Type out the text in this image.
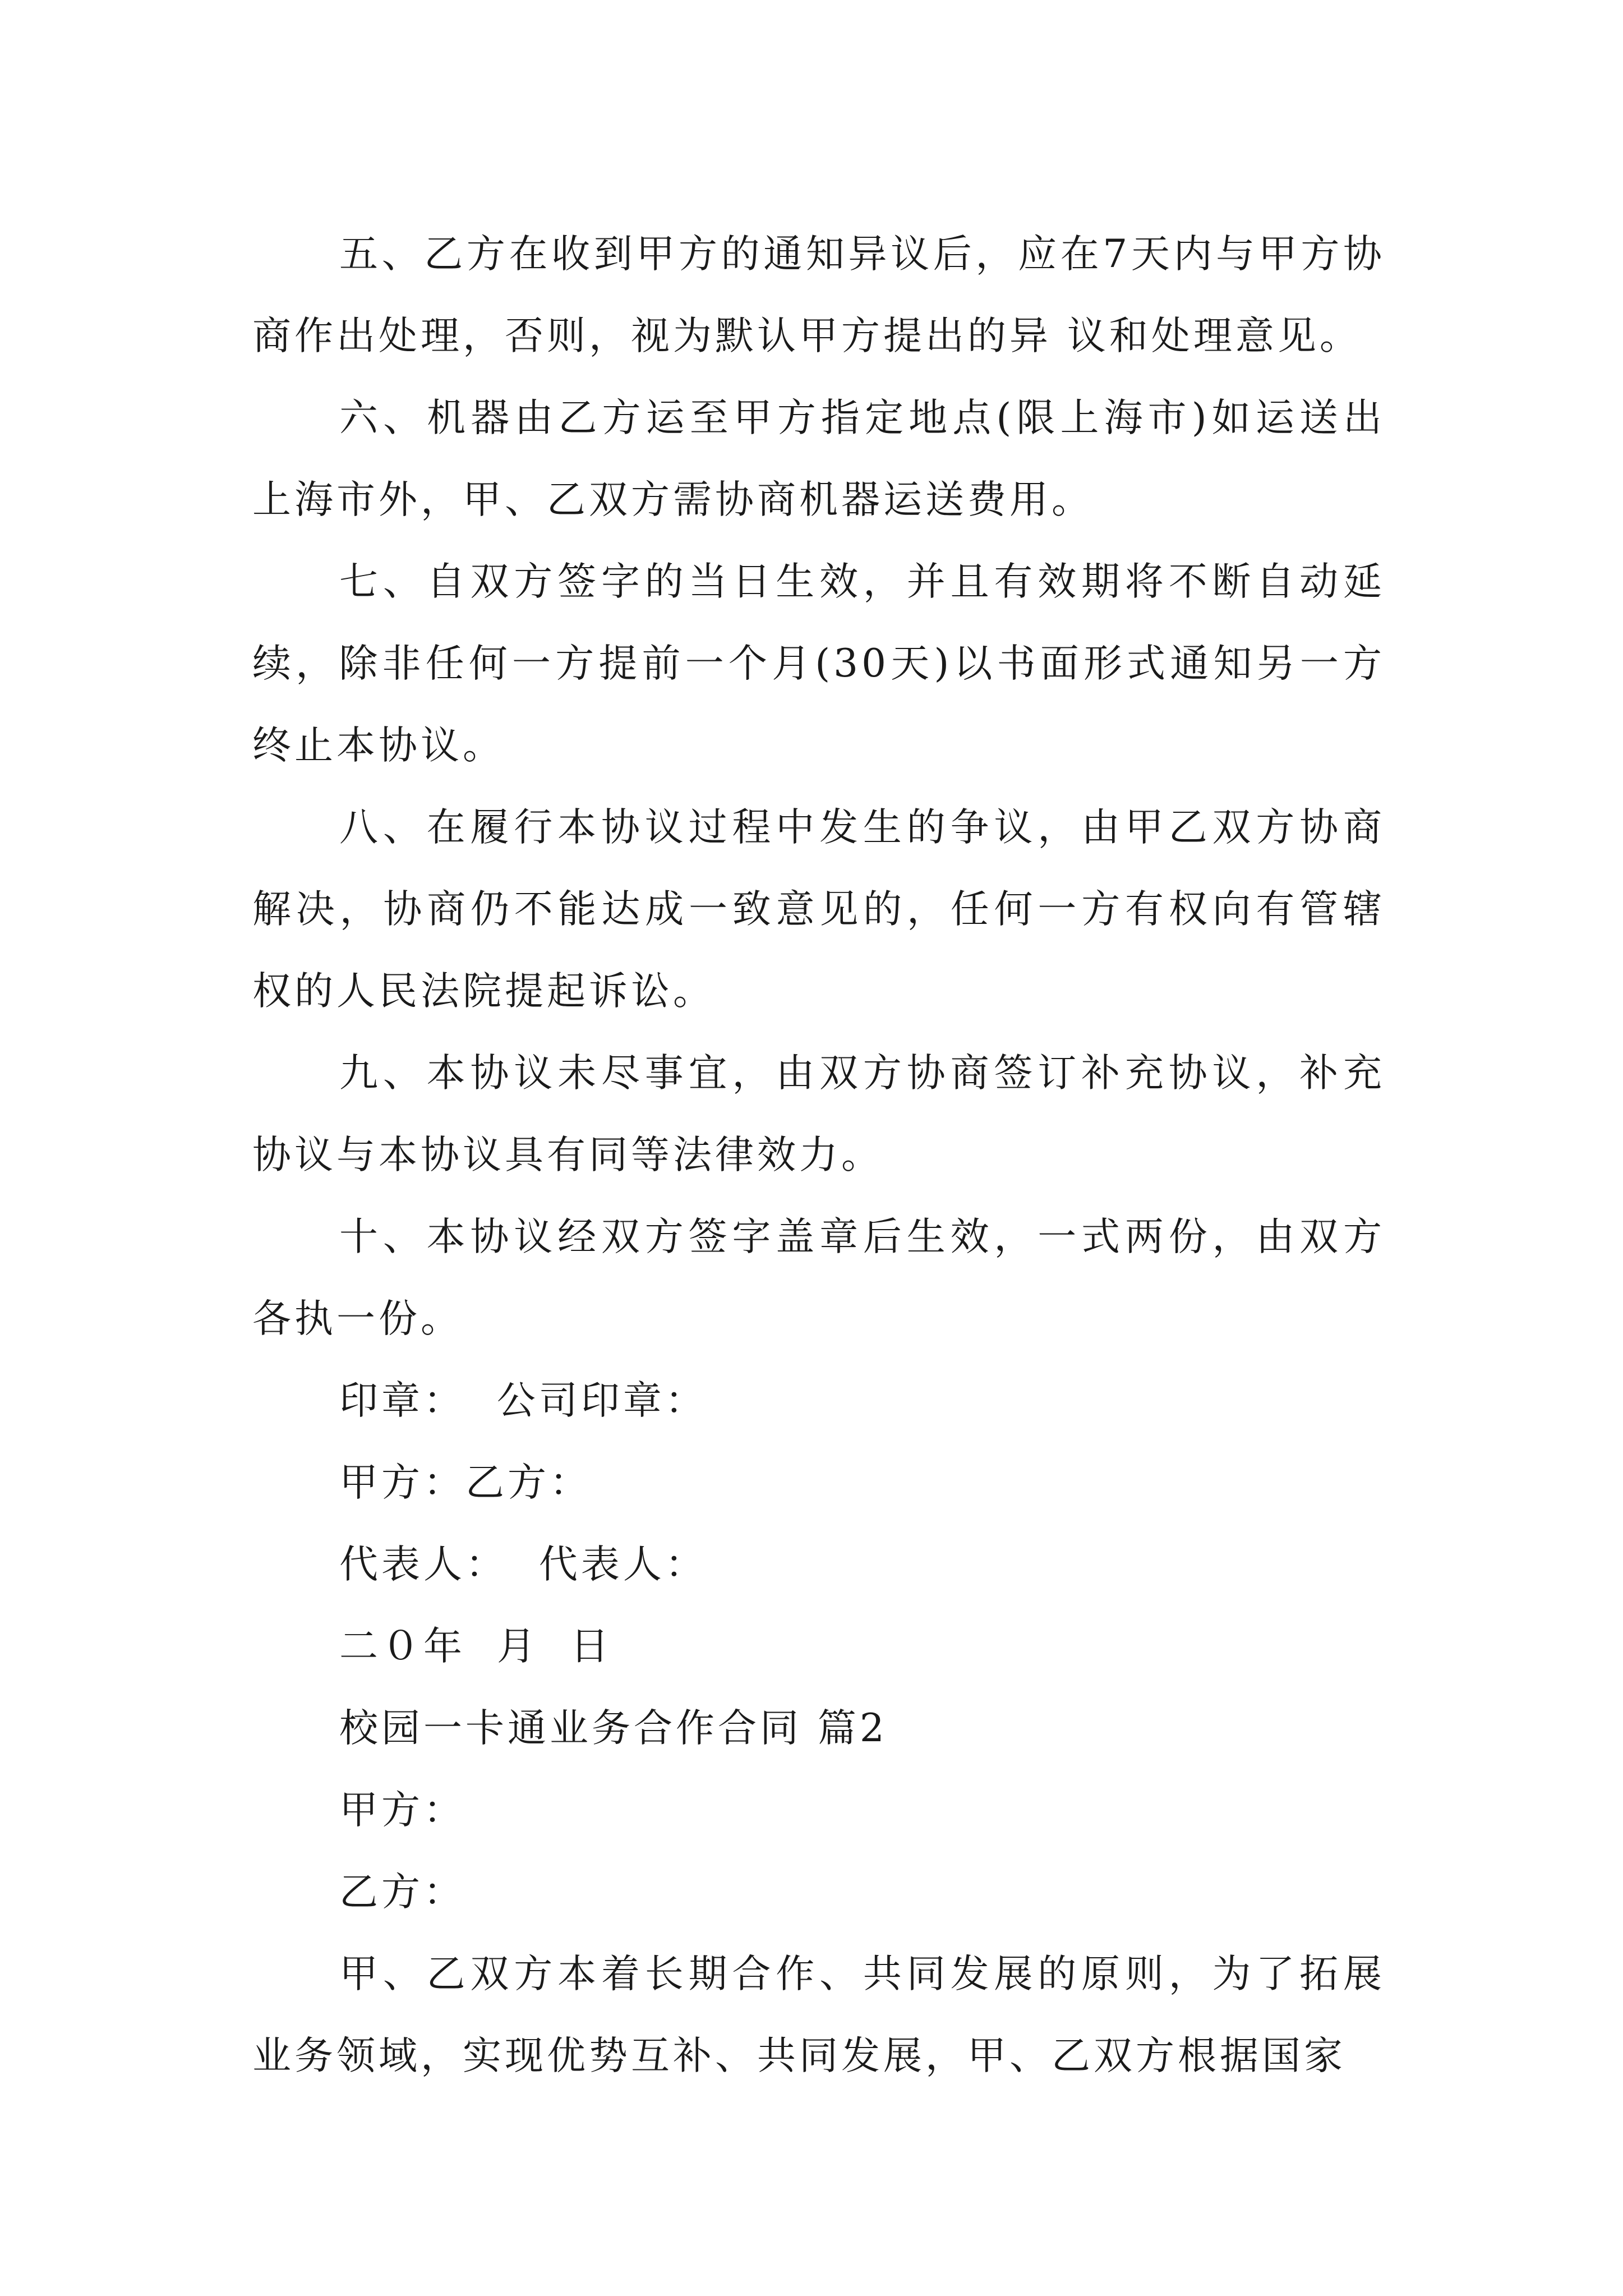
五、乙方在收到甲方的通知异议后，应在7天内与甲方协商作出处理，否则，视为默认甲方提出的异 议和处理意见。

六、机器由乙方运至甲方指定地点(限上海市)如运送出上海市外，甲、乙双方需协商机器运送费用。

七、自双方签字的当日生效，并且有效期将不断自动延续，除非任何一方提前一个月(30天)以书面形式通知另一方终止本协议。

八、在履行本协议过程中发生的争议，由甲乙双方协商解决，协商仍不能达成一致意见的，任何一方有权向有管辖权的人民法院提起诉讼。

九、本协议未尽事宜，由双方协商签订补充协议，补充协议与本协议具有同等法律效力。

十、本协议经双方签字盖章后生效，一式两份，由双方各执一份。

印章：  公司印章：

甲方：乙方：

代表人：  代表人：

二０年  月  日

校园一卡通业务合作合同 篇2

甲方：

乙方：

甲、乙双方本着长期合作、共同发展的原则，为了拓展业务领域，实现优势互补、共同发展，甲、乙双方根据国家
